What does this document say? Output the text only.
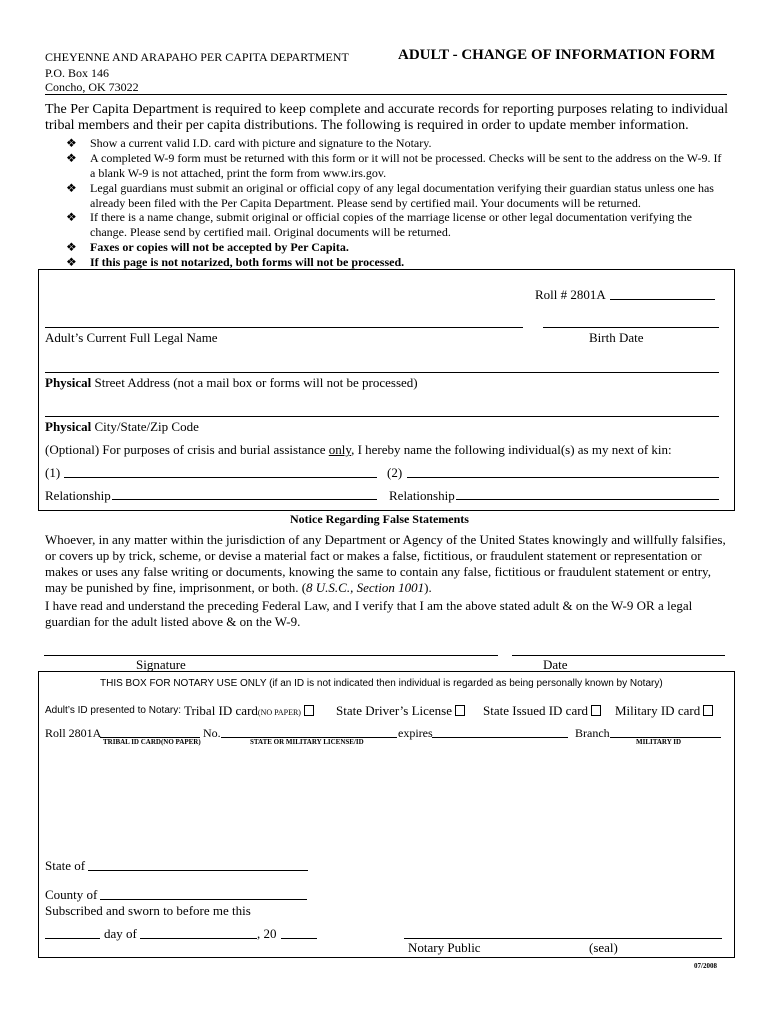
CHEYENNE AND ARAPAHO PER CAPITA DEPARTMENT
P.O. Box 146
Concho, OK 73022
ADULT - CHANGE OF INFORMATION FORM
The Per Capita Department is required to keep complete and accurate records for reporting purposes relating to individual tribal members and their per capita distributions. The following is required in order to update member information.
❖ Show a current valid I.D. card with picture and signature to the Notary.
❖ A completed W-9 form must be returned with this form or it will not be processed. Checks will be sent to the address on the W-9. If a blank W-9 is not attached, print the form from www.irs.gov.
❖ Legal guardians must submit an original or official copy of any legal documentation verifying their guardian status unless one has already been filed with the Per Capita Department. Please send by certified mail. Your documents will be returned.
❖ If there is a name change, submit original or official copies of the marriage license or other legal documentation verifying the change. Please send by certified mail. Original documents will be returned.
❖ Faxes or copies will not be accepted by Per Capita.
❖ If this page is not notarized, both forms will not be processed.
Roll # 2801A
Adult’s Current Full Legal Name	Birth Date
Physical Street Address (not a mail box or forms will not be processed)
Physical City/State/Zip Code
(Optional) For purposes of crisis and burial assistance only, I hereby name the following individual(s) as my next of kin:
(1)	(2)
Relationship	Relationship
Notice Regarding False Statements
Whoever, in any matter within the jurisdiction of any Department or Agency of the United States knowingly and willfully falsifies, or covers up by trick, scheme, or devise a material fact or makes a false, fictitious, or fraudulent statement or representation or makes or uses any false writing or documents, knowing the same to contain any false, fictitious or fraudulent statement or entry, may be punished by fine, imprisonment, or both. (8 U.S.C., Section 1001).
I have read and understand the preceding Federal Law, and I verify that I am the above stated adult & on the W-9 OR a legal guardian for the adult listed above & on the W-9.
Signature	Date
THIS BOX FOR NOTARY USE ONLY (if an ID is not indicated then individual is regarded as being personally known by Notary)
Adult’s ID presented to Notary: Tribal ID card(NO PAPER)	State Driver’s License	State Issued ID card	Military ID card
Roll 2801A	No.	expires	Branch
TRIBAL ID CARD(NO PAPER)	STATE OR MILITARY LICENSE/ID	MILITARY ID
State of
County of
Subscribed and sworn to before me this
day of	, 20
Notary Public	(seal)
07/2008
